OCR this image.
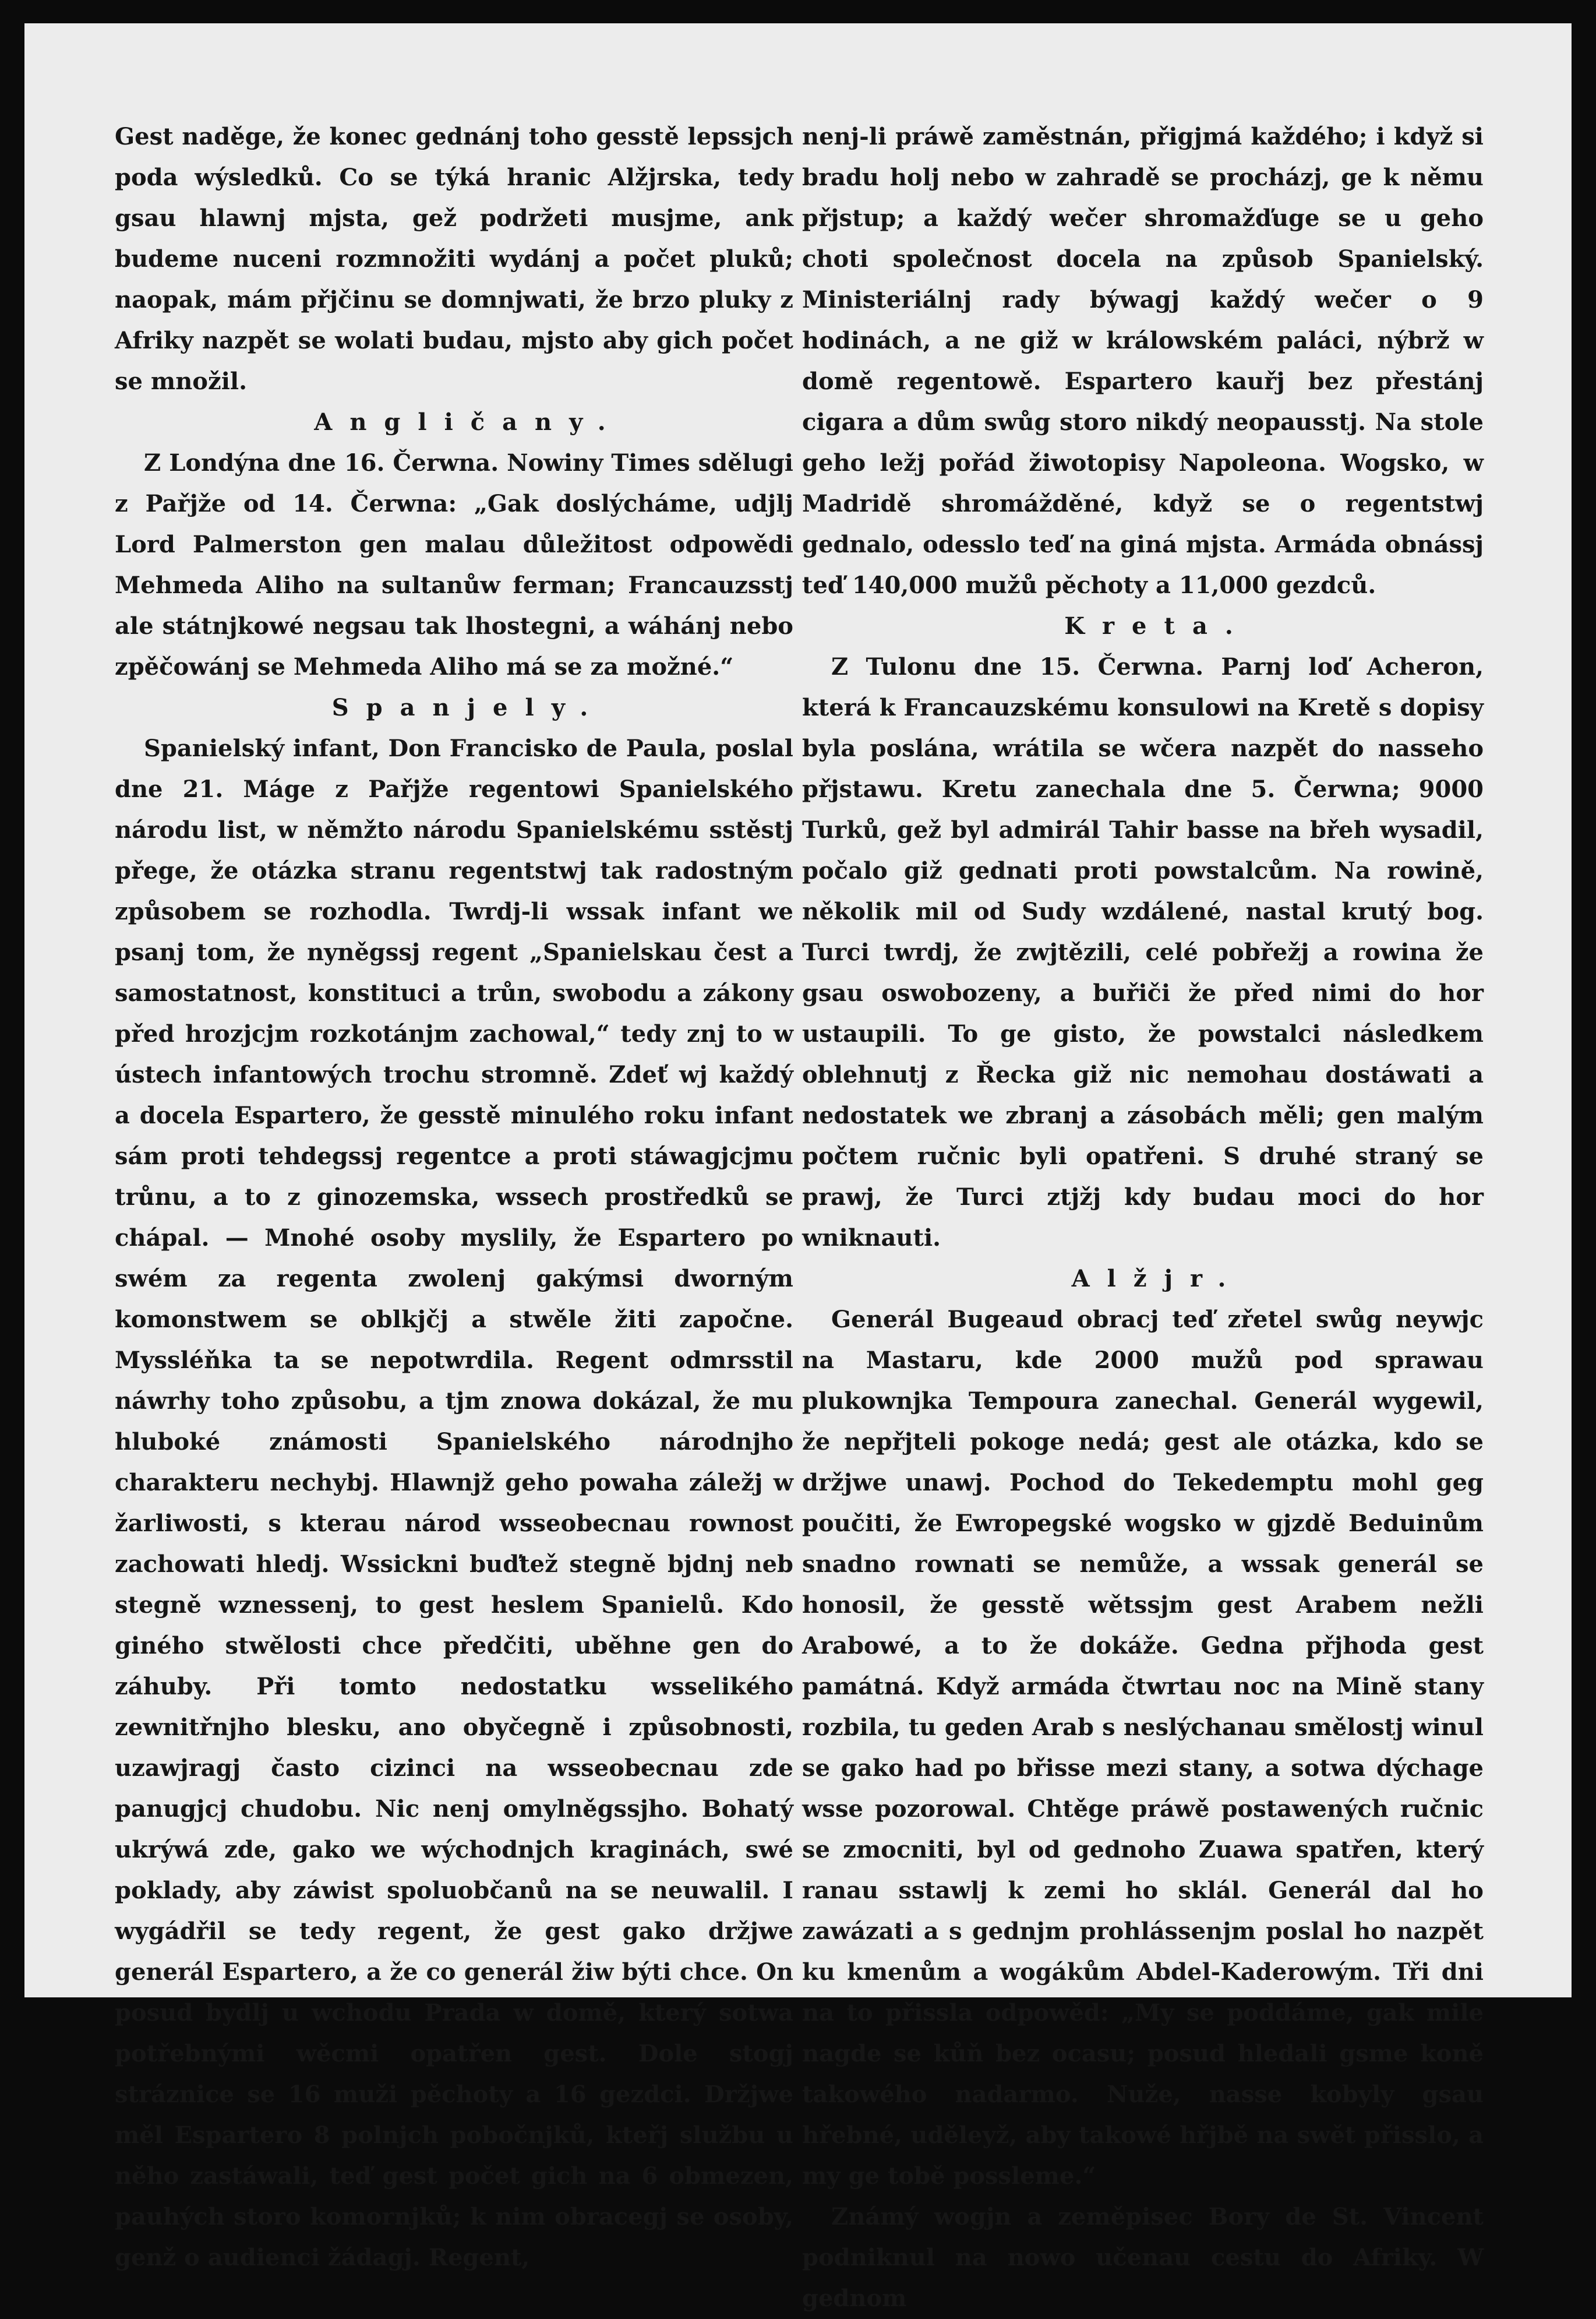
Gest naděge, že konec gednánj toho gesstě lepssjch poda wýsledků. Co se týká hranic Alžjrska, tedy gsau hlawnj mjsta, gež podržeti musjme, ank budeme nuceni rozmnožiti wydánj a počet pluků; naopak, mám přjčinu se domnjwati, že brzo pluky z Afriky nazpět se wolati budau, mjsto aby gich počet se množil.

Angličany.

Z Londýna dne 16. Čerwna. Nowiny Times sdělugi z Pařjže od 14. Čerwna: „Gak doslýcháme, udjlj Lord Palmerston gen malau důležitost odpowědi Mehmeda Aliho na sultanůw ferman; Francauzsstj ale státnjkowé negsau tak lhostegni, a wáhánj nebo zpěčowánj se Mehmeda Aliho má se za možné.“

Spanjely.

Spanielský infant, Don Francisko de Paula, poslal dne 21. Máge z Pařjže regentowi Spanielského národu list, w němžto národu Spanielskému sstěstj přege, že otázka stranu regentstwj tak radostným způsobem se rozhodla. Twrdj-li wssak infant we psanj tom, že nyněgssj regent „Spanielskau čest a samostatnost, konstituci a trůn, swobodu a zákony před hrozjcjm rozkotánjm zachowal,“ tedy znj to w ústech infantowých trochu stromně. Zdeť wj každý a docela Espartero, že gesstě minulého roku infant sám proti tehdegssj regentce a proti stáwagjcjmu trůnu, a to z ginozemska, wssech prostředků se chápal. — Mnohé osoby myslily, že Espartero po swém za regenta zwolenj gakýmsi dworným komonstwem se oblkjčj a stwěle žiti započne. Myssléňka ta se nepotwrdila. Regent odmrsstil náwrhy toho způsobu, a tjm znowa dokázal, že mu hluboké známosti Spanielského národnjho charakteru nechybj. Hlawnjž geho powaha záležj w žarliwosti, s kterau národ wsseobecnau rownost zachowati hledj. Wssickni buďtež stegně bjdnj neb stegně wznessenj, to gest heslem Spanielů. Kdo giného stwělosti chce předčiti, uběhne gen do záhuby. Při tomto nedostatku wsselikého zewnitřnjho blesku, ano obyčegně i způsobnosti, uzawjragj často cizinci na wsseobecnau zde panugjcj chudobu. Nic nenj omylněgssjho. Bohatý ukrýwá zde, gako we wýchodnjch kraginách, swé poklady, aby záwist spoluobčanů na se neuwalil. I wygádřil se tedy regent, že gest gako držjwe generál Espartero, a že co generál žiw býti chce. On posud bydlj u wchodu Prada w domě, který sotwa potřebnými wěcmi opatřen gest. Dole stogj stráznice se 16 muži pěchoty a 16 gezdci. Držjwe měl Espartero 8 polnjch pobočnjků, kteřj službu u něho zastáwali, teď gest počet gich na 6 obmezen, pauhých storo komornjků; k nim obracegj se osoby, genž o audienci žádagj. Regent,

nenj-li práwě zaměstnán, přigjmá každého; i když si bradu holj nebo w zahradě se procházj, ge k němu přjstup; a každý wečer shromažďuge se u geho choti společnost docela na způsob Spanielský. Ministeriálnj rady býwagj každý wečer o 9 hodinách, a ne giž w králowském paláci, nýbrž w domě regentowě. Espartero kauřj bez přestánj cigara a dům swůg storo nikdý neopausstj. Na stole geho ležj pořád žiwotopisy Napoleona. Wogsko, w Madridě shromážděné, když se o regentstwj gednalo, odesslo teď na giná mjsta. Armáda obnássj teď 140,000 mužů pěchoty a 11,000 gezdců.

Kreta.

Z Tulonu dne 15. Čerwna. Parnj loď Acheron, která k Francauzskému konsulowi na Kretě s dopisy byla poslána, wrátila se wčera nazpět do nasseho přjstawu. Kretu zanechala dne 5. Čerwna; 9000 Turků, gež byl admirál Tahir basse na břeh wysadil, počalo giž gednati proti powstalcům. Na rowině, několik mil od Sudy wzdálené, nastal krutý bog. Turci twrdj, že zwjtězili, celé pobřežj a rowina že gsau oswobozeny, a buřiči že před nimi do hor ustaupili. To ge gisto, že powstalci následkem oblehnutj z Řecka giž nic nemohau dostáwati a nedostatek we zbranj a zásobách měli; gen malým počtem ručnic byli opatřeni. S druhé straný se prawj, že Turci ztjžj kdy budau moci do hor wniknauti.

Alžjr.

Generál Bugeaud obracj teď zřetel swůg neywjc na Mastaru, kde 2000 mužů pod sprawau plukownjka Tempoura zanechal. Generál wygewil, že nepřjteli pokoge nedá; gest ale otázka, kdo se držjwe unawj. Pochod do Tekedemptu mohl geg poučiti, že Ewropegské wogsko w gjzdě Beduinům snadno rownati se nemůže, a wssak generál se honosil, že gesstě wětssjm gest Arabem nežli Arabowé, a to že dokáže. Gedna přjhoda gest památná. Když armáda čtwrtau noc na Mině stany rozbila, tu geden Arab s neslýchanau smělostj winul se gako had po břisse mezi stany, a sotwa dýchage wsse pozorowal. Chtěge práwě postawených ručnic se zmocniti, byl od gednoho Zuawa spatřen, který ranau sstawlj k zemi ho sklál. Generál dal ho zawázati a s gednjm prohlássenjm poslal ho nazpět ku kmenům a wogákům Abdel-Kaderowým. Tři dni na to přissla odpowěd: „My se poddáme, gak mile nagde se kůň bez ocasu; posud hledali gsme koně takowého nadarmo. Nuže, nasse kobyly gsau hřebné, uděleyž, aby takowé hřjbě na swět přisslo, a my ge tobě possleme.“

Známý wogjn a zeměpisec Bory de St. Vincent podniknul na nowo učenau cestu do Afriky. W gednom
